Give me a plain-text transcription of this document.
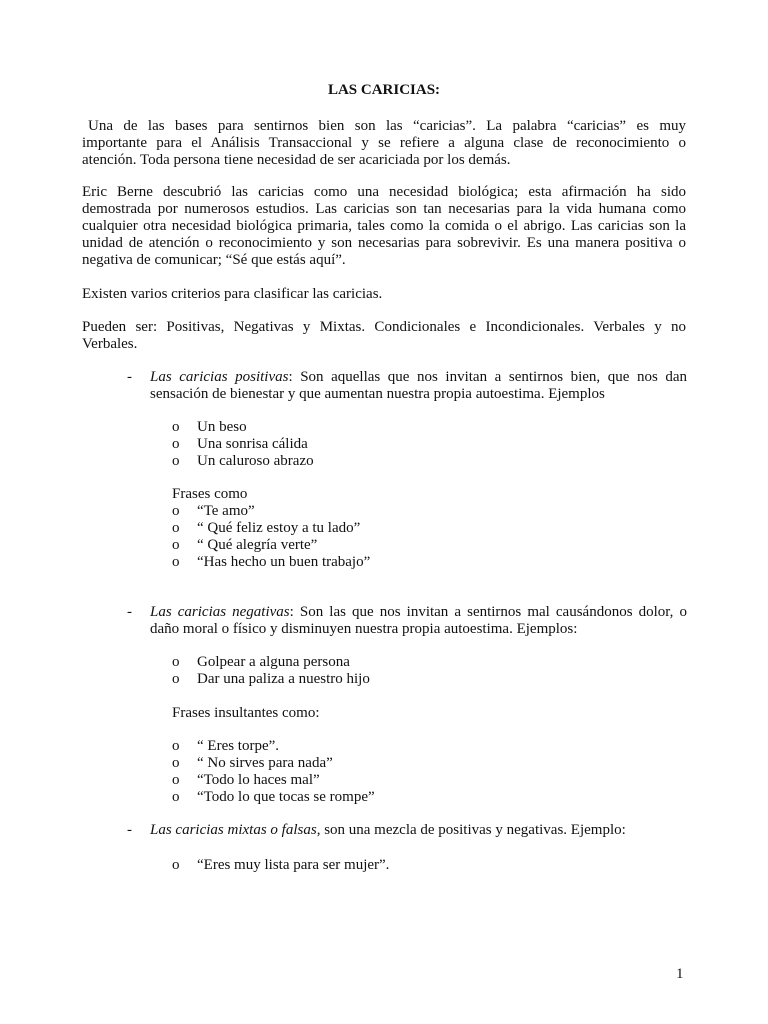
LAS CARICIAS:
Una de las bases para sentirnos bien son las “caricias”. La palabra “caricias” es muy
importante para el Análisis Transaccional y se refiere a alguna clase de reconocimiento o
atención. Toda persona tiene necesidad de ser acariciada por los demás.
Eric Berne descubrió las caricias como una necesidad biológica; esta afirmación ha sido
demostrada por numerosos estudios. Las caricias son tan necesarias para la vida humana como
cualquier otra necesidad biológica primaria, tales como la comida o el abrigo. Las caricias son la
unidad de atención o reconocimiento y son necesarias para sobrevivir. Es una manera positiva o
negativa de comunicar; “Sé que estás aquí”.
Existen varios criterios para clasificar las caricias.
Pueden ser: Positivas, Negativas y Mixtas. Condicionales e Incondicionales. Verbales y no
Verbales.
- Las caricias positivas: Son aquellas que nos invitan a sentirnos bien, que nos dan
sensación de bienestar y que aumentan nuestra propia autoestima. Ejemplos
o Un beso
o Una sonrisa cálida
o Un caluroso abrazo
Frases como
o “Te amo”
o “ Qué feliz estoy a tu lado”
o “ Qué alegría verte”
o “Has hecho un buen trabajo”
- Las caricias negativas: Son las que nos invitan a sentirnos mal causándonos dolor, o
daño moral o físico y disminuyen nuestra propia autoestima. Ejemplos:
o Golpear a alguna persona
o Dar una paliza a nuestro hijo
Frases insultantes como:
o “ Eres torpe”.
o “ No sirves para nada”
o “Todo lo haces mal”
o “Todo lo que tocas se rompe”
- Las caricias mixtas o falsas, son una mezcla de positivas y negativas. Ejemplo:
o “Eres muy lista para ser mujer”.
1
